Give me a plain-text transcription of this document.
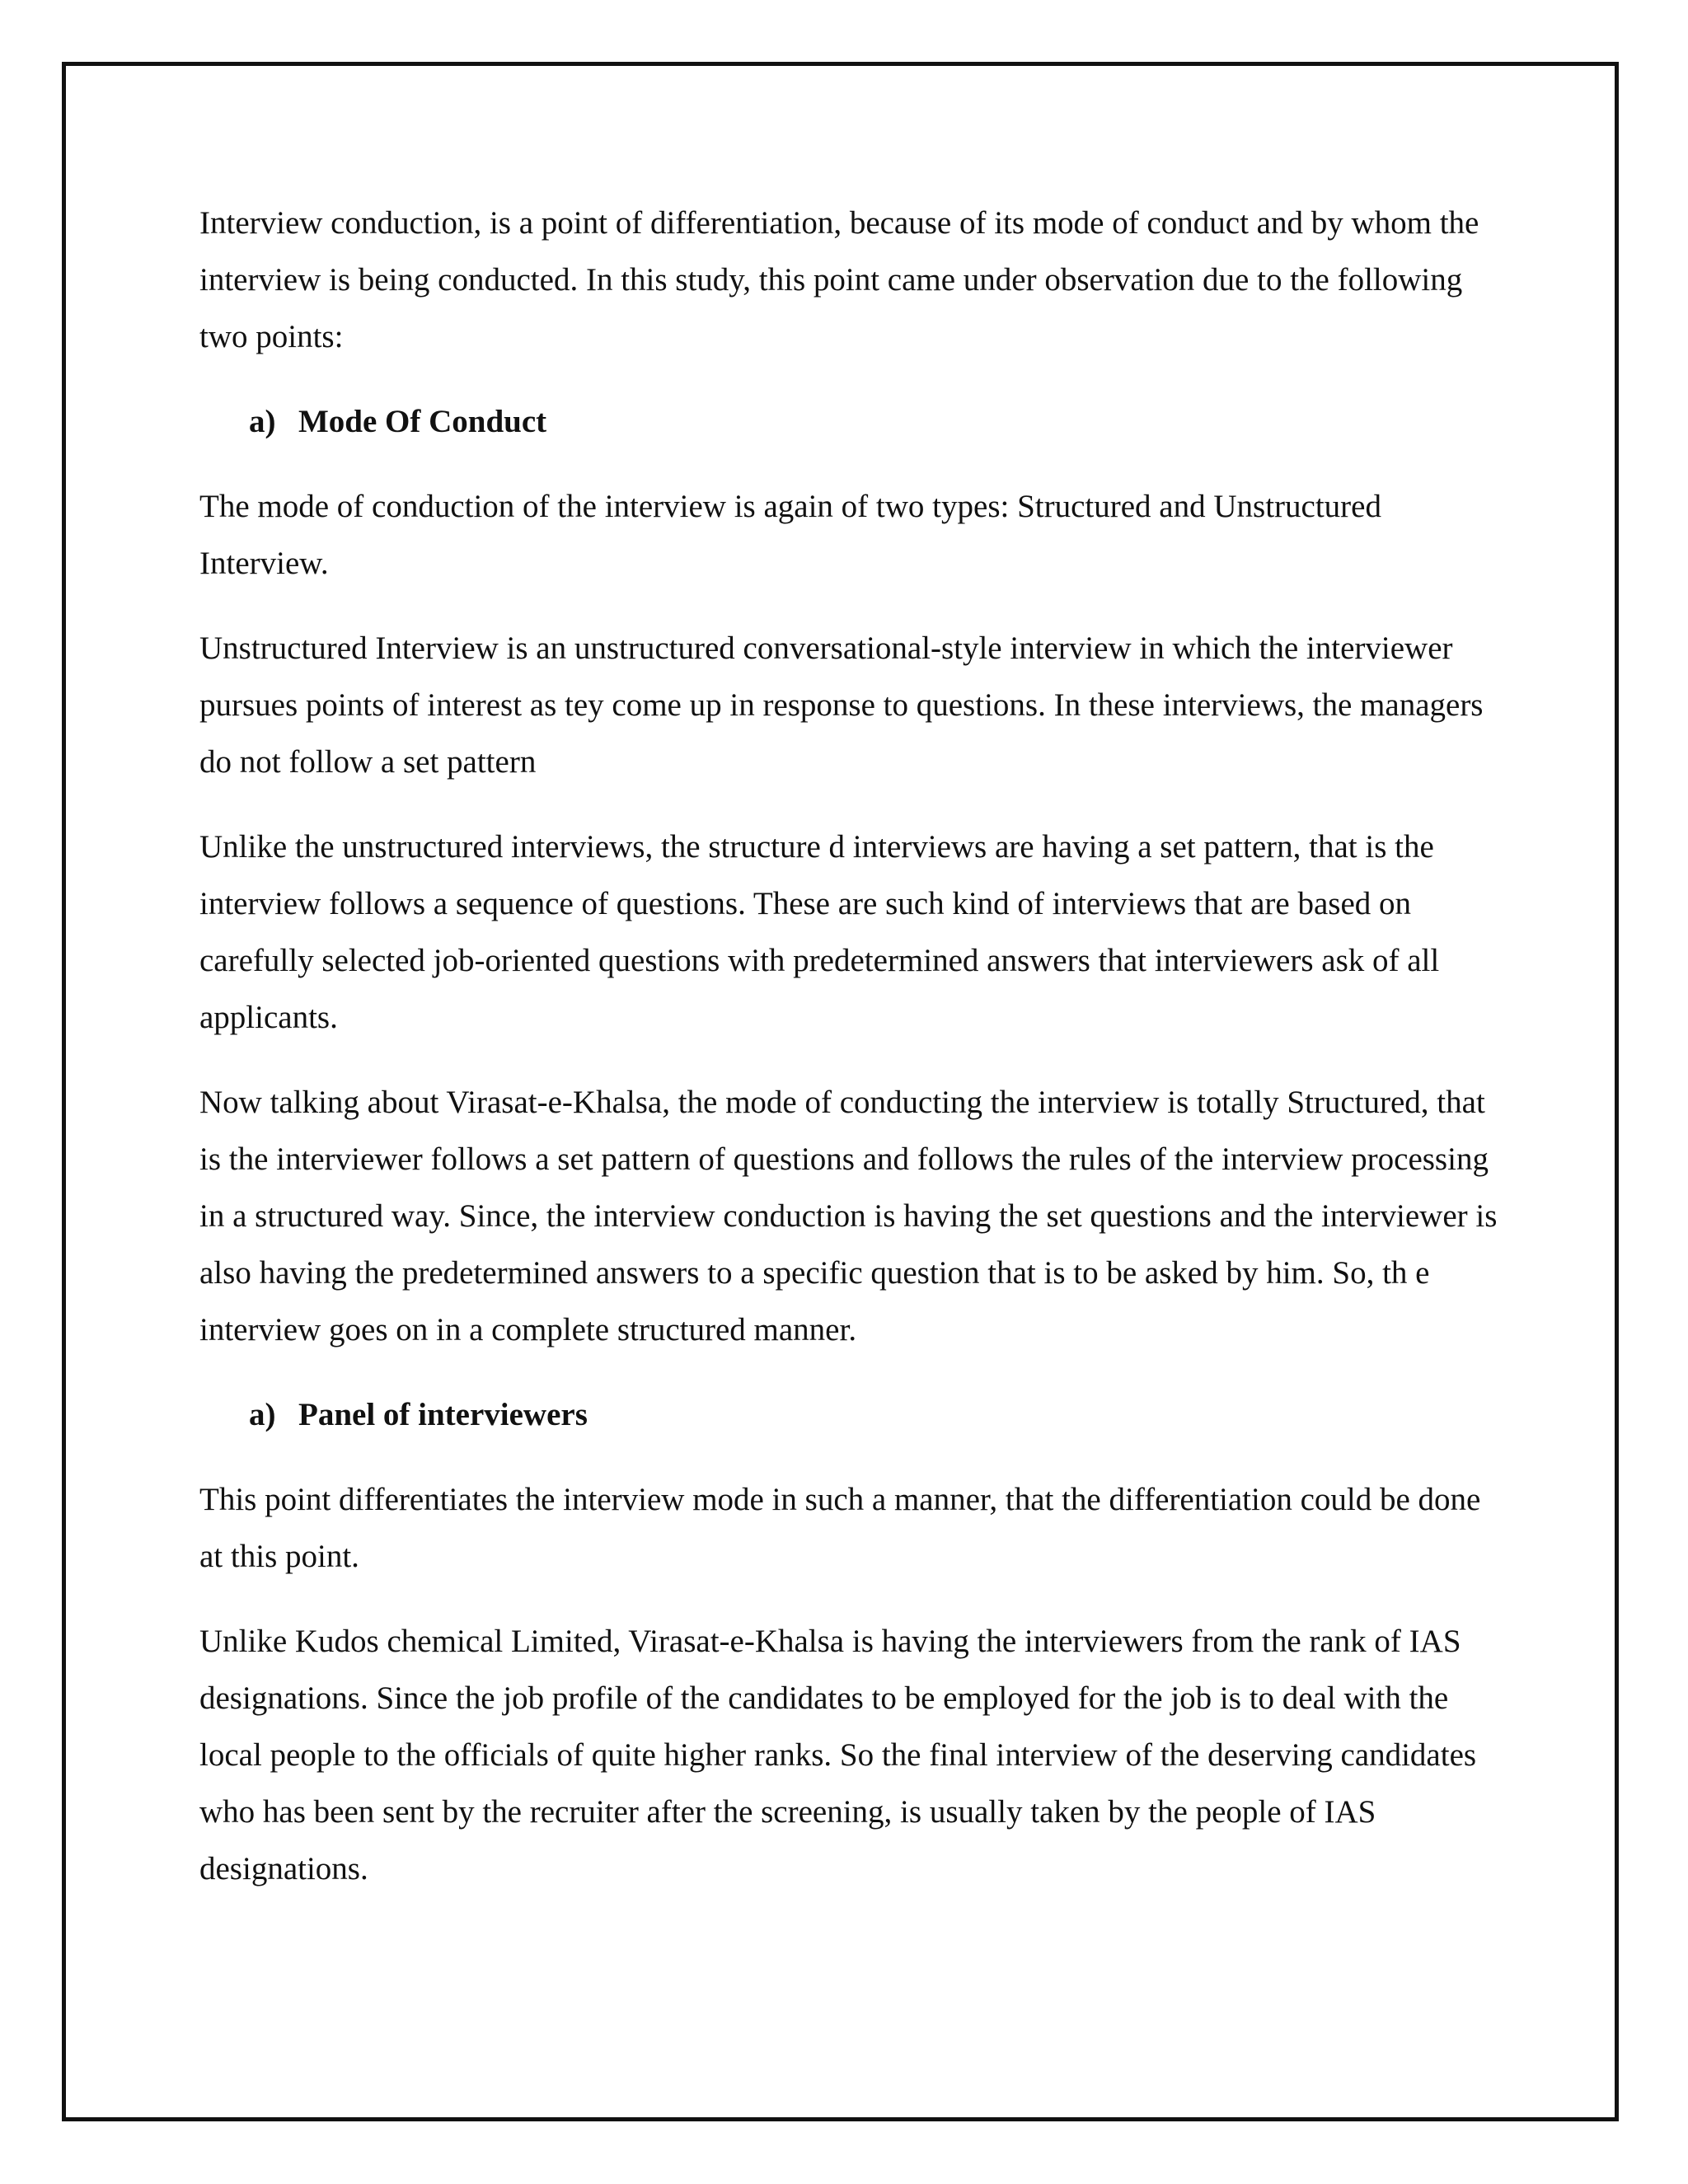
Interview conduction, is a point of differentiation, because of its mode of conduct and by whom the interview is being conducted. In this study, this point came under observation due to the following two points:

a) Mode Of Conduct

The mode of conduction of the interview is again of two types: Structured and Unstructured Interview.

Unstructured Interview is an unstructured conversational-style interview in which the interviewer pursues points of interest as tey come up in response to questions. In these interviews, the managers do not follow a set pattern

Unlike the unstructured interviews, the structure d interviews are having a set pattern, that is the interview follows a sequence of questions. These are such kind of interviews that are based on carefully selected job-oriented questions with predetermined answers that interviewers ask of all applicants.

Now talking about Virasat-e-Khalsa, the mode of conducting the interview is totally Structured, that is the interviewer follows a set pattern of questions and follows the rules of the interview processing in a structured way. Since, the interview conduction is having the set questions and the interviewer is also having the predetermined answers to a specific question that is to be asked by him. So, th e interview goes on in a complete structured manner.

a) Panel of interviewers

This point differentiates the interview mode in such a manner, that the differentiation could be done at this point.

Unlike Kudos chemical Limited, Virasat-e-Khalsa is having the interviewers from the rank of IAS designations. Since the job profile of the candidates to be employed for the job is to deal with the local people to the officials of quite higher ranks. So the final interview of the deserving candidates who has been sent by the recruiter after the screening, is usually taken by the people of IAS designations.
